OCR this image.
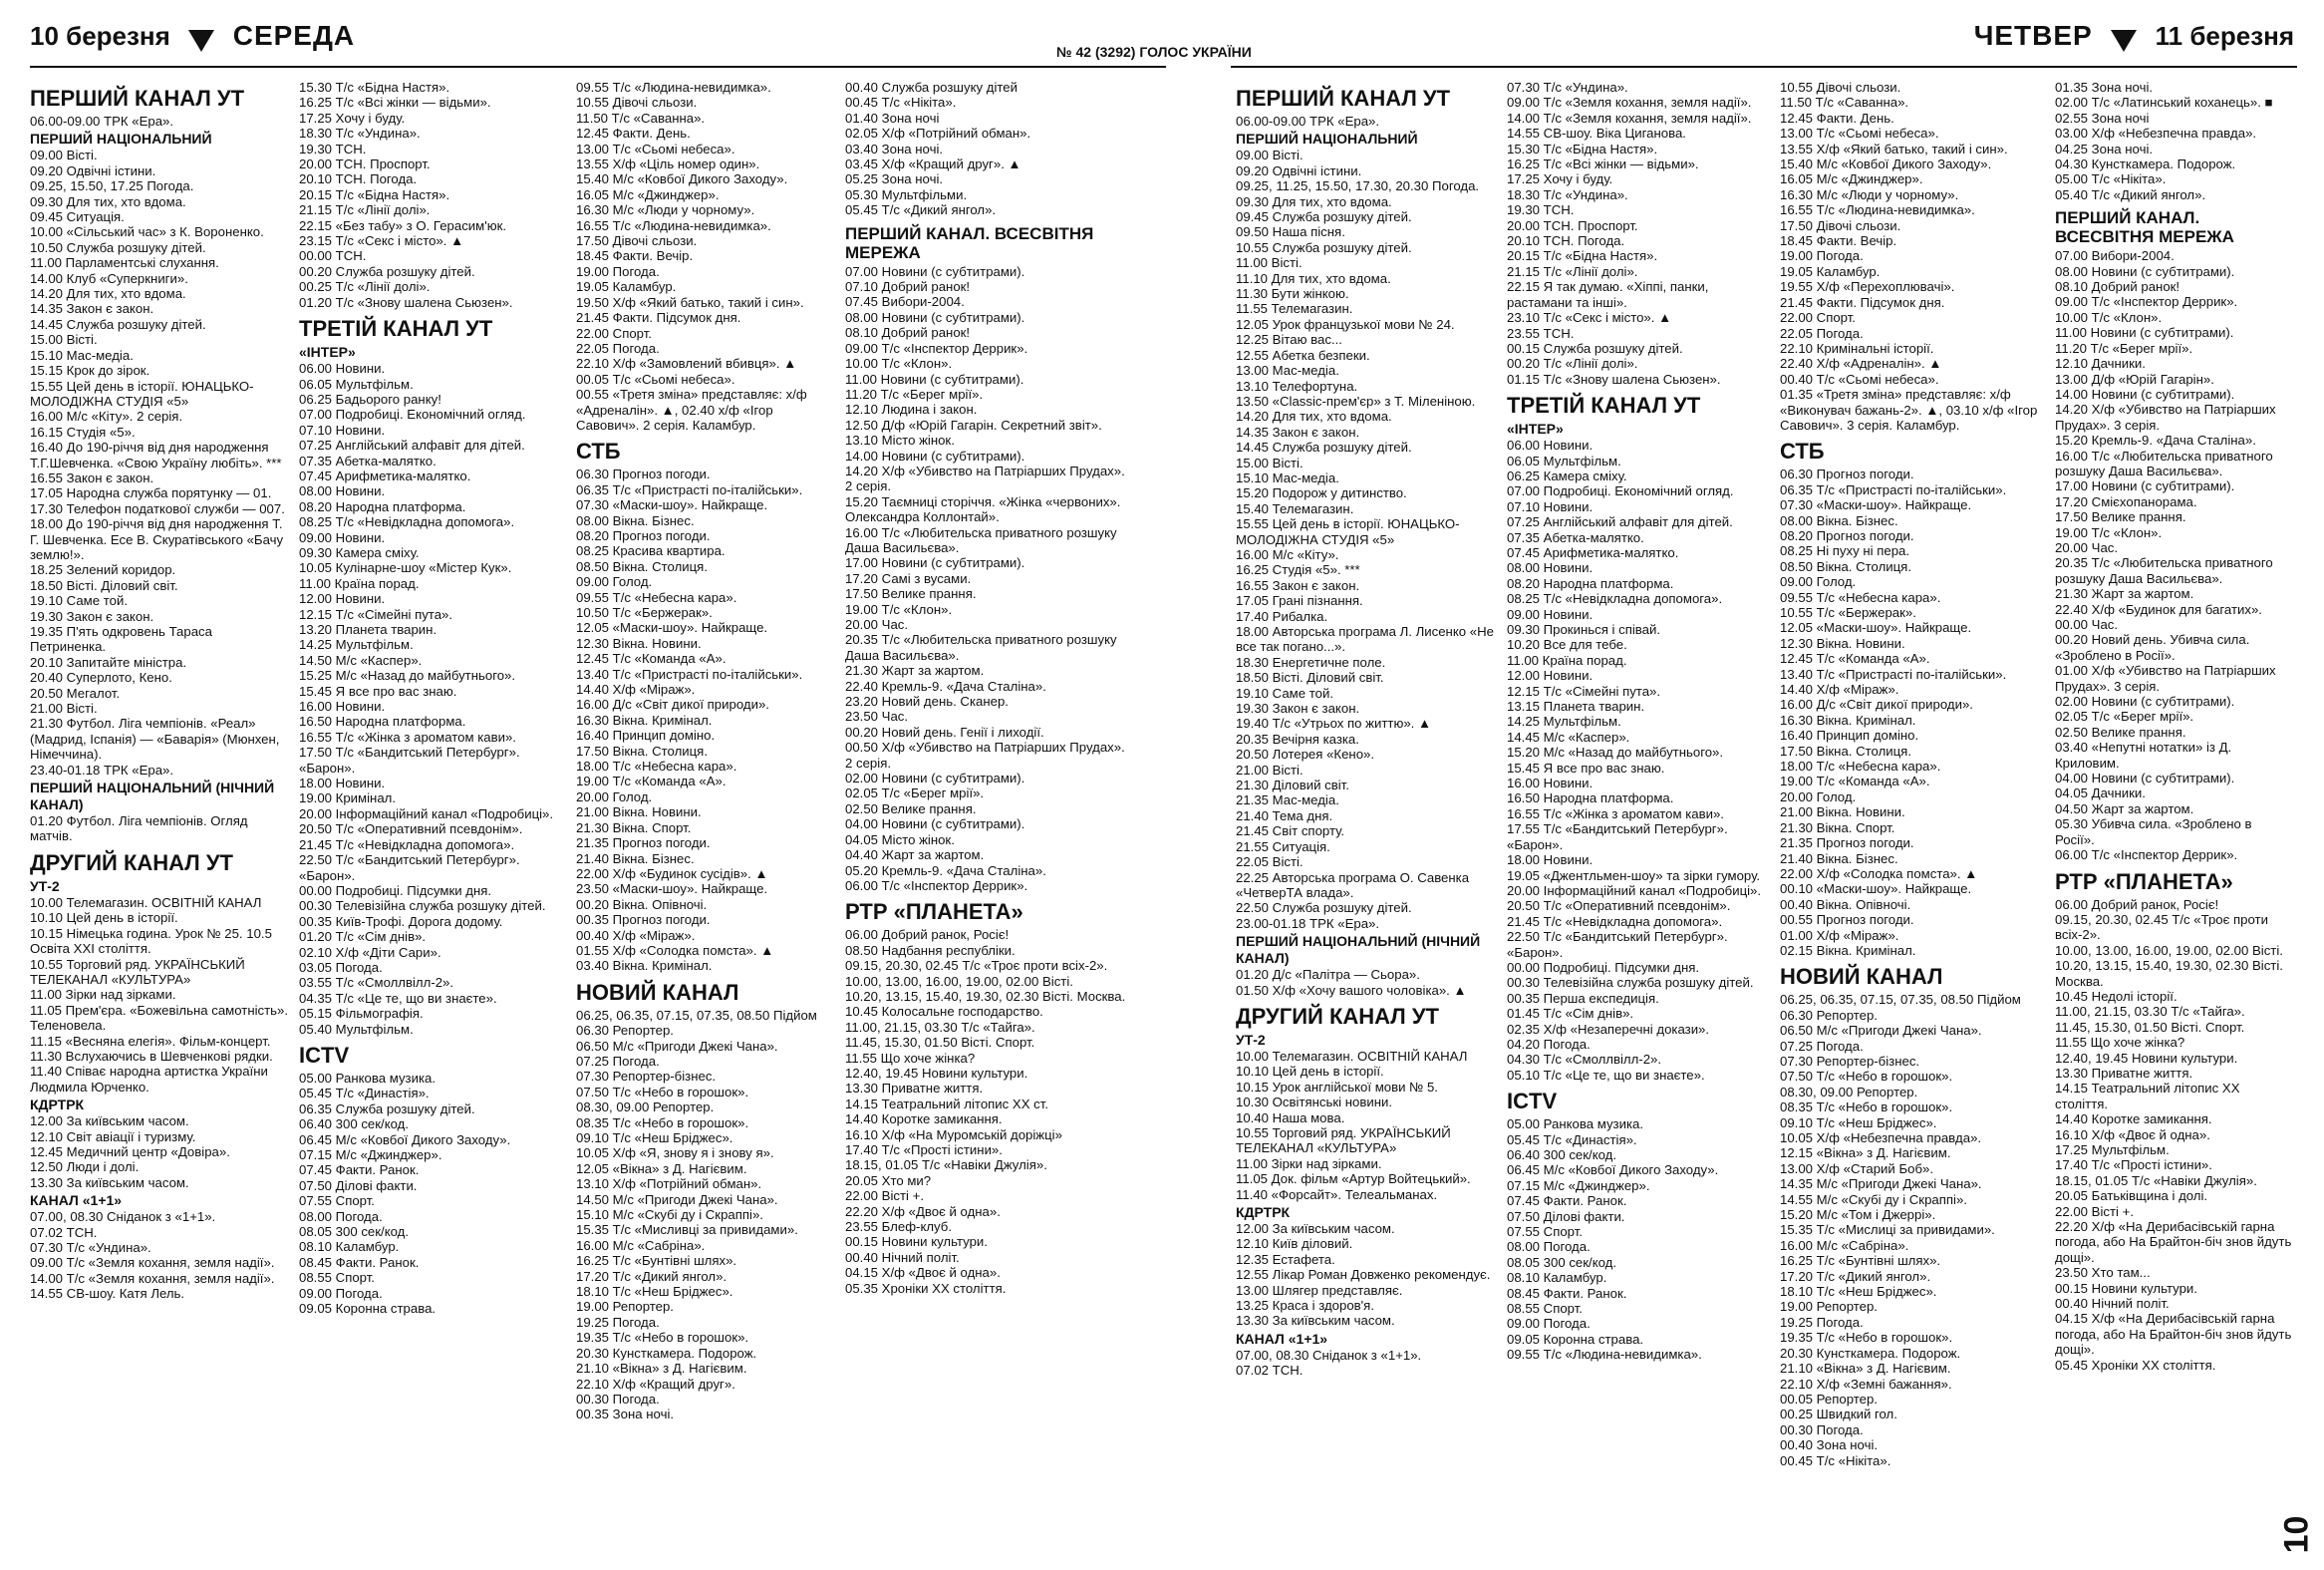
10 березня СЕРЕДА
№ 42 (3292) ГОЛОС УКРАЇНИ
ЧЕТВЕР 11 березня
ПЕРШИЙ КАНАЛ УТ
06.00-09.00 ТРК «Ера».
ПЕРШИЙ НАЦІОНАЛЬНИЙ
09.00 Вісті.
09.20 Одвічні істини.
09.25, 15.50, 17.25 Погода.
09.30 Для тих, хто вдома.
09.45 Ситуація.
10.00 «Сільський час» з К. Вороненко.
10.50 Служба розшуку дітей.
11.00 Парламентські слухання.
14.00 Клуб «Суперкниги».
14.20 Для тих, хто вдома.
14.35 Закон є закон.
14.45 Служба розшуку дітей.
15.00 Вісті.
15.10 Мас-медіа.
15.15 Крок до зірок.
15.55 Цей день в історії. ЮНАЦЬКО-МОЛОДІЖНА СТУДІЯ «5»
16.00 М/с «Кіту». 2 серія.
16.15 Студія «5».
16.40 До 190-річчя від дня народження Т.Г.Шевченка. «Свою Україну любіть». ***
16.55 Закон є закон.
17.05 Народна служба порятунку — 01.
17.30 Телефон податкової служби — 007.
18.00 До 190-річчя від дня народження Т. Г. Шевченка. Есе В. Скуратівського «Бачу землю!».
18.25 Зелений коридор.
18.50 Вісті. Діловий світ.
19.10 Саме той.
19.30 Закон є закон.
19.35 П'ять одкровень Тараса Петриненка.
20.10 Запитайте міністра.
20.40 Суперлото, Кено.
20.50 Мегалот.
21.00 Вісті.
21.30 Футбол. Ліга чемпіонів. «Реал» (Мадрид, Іспанія) — «Баварія» (Мюнхен, Німеччина).
23.40-01.18 ТРК «Ера».
ПЕРШИЙ НАЦІОНАЛЬНИЙ (НІЧНИЙ КАНАЛ)
01.20 Футбол. Ліга чемпіонів. Огляд матчів.
ДРУГИЙ КАНАЛ УТ
УТ-2
10.00 Телемагазин. ОСВІТНІЙ КАНАЛ
10.10 Цей день в історії.
10.15 Німецька година. Урок № 25. 10.5 Освіта XXI століття.
10.55 Торговий ряд. УКРАЇНСЬКИЙ ТЕЛЕКАНАЛ «КУЛЬТУРА»
11.00 Зірки над зірками.
11.05 Прем'єра. «Божевільна самотність». Теленовела.
11.15 «Весняна елегія». Фільм-концерт.
11.30 Вслухаючись в Шевченкові рядки.
11.40 Співає народна артистка України Людмила Юрченко.
КДРТРК
12.00 За київським часом.
12.10 Світ авіації і туризму.
12.45 Медичний центр «Довіра».
12.50 Люди і долі.
13.30 За київським часом.
КАНАЛ «1+1»
07.00, 08.30 Сніданок з «1+1».
07.02 ТСН.
07.30 Т/с «Ундина».
09.00 Т/с «Земля кохання, земля надії».
14.00 Т/с «Земля кохання, земля надії».
14.55 СВ-шоу. Катя Лель.
15.30 Т/с «Бідна Настя».
16.25 Т/с «Всі жінки — відьми».
17.25 Хочу і буду.
18.30 Т/с «Ундина».
19.30 ТСН.
20.00 ТСН. Проспорт.
20.10 ТСН. Погода.
20.15 Т/с «Бідна Настя».
21.15 Т/с «Лінії долі».
22.15 «Без табу» з О. Герасим'юк.
23.15 Т/с «Секс і місто». ▲
00.00 ТСН.
00.20 Служба розшуку дітей.
00.25 Т/с «Лінії долі».
01.20 Т/с «Знову шалена Сьюзен».
ТРЕТІЙ КАНАЛ УТ
«ІНТЕР»
06.00 Новини.
06.05 Мультфільм.
06.25 Бадьорого ранку!
07.00 Подробиці. Економічний огляд.
07.10 Новини.
07.25 Англійський алфавіт для дітей.
07.35 Абетка-малятко.
07.45 Арифметика-малятко.
08.00 Новини.
08.20 Народна платформа.
08.25 Т/с «Невідкладна допомога».
09.00 Новини.
09.30 Камера сміху.
10.05 Кулінарне-шоу «Містер Кук».
11.00 Країна порад.
12.00 Новини.
12.15 Т/с «Сімейні пута».
13.20 Планета тварин.
14.25 Мультфільм.
14.50 М/с «Каспер».
15.25 М/с «Назад до майбутнього».
15.45 Я все про вас знаю.
16.00 Новини.
16.50 Народна платформа.
16.55 Т/с «Жінка з ароматом кави».
17.50 Т/с «Бандитський Петербург». «Барон».
18.00 Новини.
19.00 Кримінал.
20.00 Інформаційний канал «Подробиці».
20.50 Т/с «Оперативний псевдонім».
21.45 Т/с «Невідкладна допомога».
22.50 Т/с «Бандитський Петербург». «Барон».
00.00 Подробиці. Підсумки дня.
00.30 Телевізійна служба розшуку дітей.
00.35 Київ-Трофі. Дорога додому.
01.20 Т/с «Сім днів».
02.10 Х/ф «Діти Сари».
03.05 Погода.
03.55 Т/с «Смоллвілл-2».
04.35 Т/с «Це те, що ви знаєте».
05.15 Фільмографія.
05.40 Мультфільм.
ICTV
05.00 Ранкова музика.
05.45 Т/с «Династія».
06.35 Служба розшуку дітей.
06.40 300 сек/код.
06.45 М/с «Ковбої Дикого Заходу».
07.15 М/с «Джинджер».
07.45 Факти. Ранок.
07.50 Ділові факти.
07.55 Спорт.
08.00 Погода.
08.05 300 сек/код.
08.10 Каламбур.
08.45 Факти. Ранок.
08.55 Спорт.
09.00 Погода.
09.05 Коронна страва.
09.55 Т/с «Людина-невидимка».
10.55 Дівочі сльози.
11.50 Т/с «Саванна».
12.45 Факти. День.
13.00 Т/с «Сьомі небеса».
13.55 Х/ф «Ціль номер один».
15.40 М/с «Ковбої Дикого Заходу».
16.05 М/с «Джинджер».
16.30 М/с «Люди у чорному».
16.55 Т/с «Людина-невидимка».
17.50 Дівочі сльози.
18.45 Факти. Вечір.
19.00 Погода.
19.05 Каламбур.
19.50 Х/ф «Який батько, такий і син».
21.45 Факти. Підсумок дня.
22.00 Спорт.
22.05 Погода.
22.10 Х/ф «Замовлений вбивця». ▲
00.05 Т/с «Сьомі небеса».
00.55 «Третя зміна» представляє: х/ф «Адреналін». ▲, 02.40 х/ф «Ігор Савович». 2 серія. Каламбур.
СТБ
06.30 Прогноз погоди.
06.35 Т/с «Пристрасті по-італійськи».
07.30 «Маски-шоу». Найкраще.
08.00 Вікна. Бізнес.
08.20 Прогноз погоди.
08.25 Красива квартира.
08.50 Вікна. Столиця.
09.00 Голод.
09.55 Т/с «Небесна кара».
10.50 Т/с «Бержерак».
12.05 «Маски-шоу». Найкраще.
12.30 Вікна. Новини.
12.45 Т/с «Команда «А».
13.40 Т/с «Пристрасті по-італійськи».
14.40 Х/ф «Міраж».
16.00 Д/с «Світ дикої природи».
16.30 Вікна. Кримінал.
16.40 Принцип доміно.
17.50 Вікна. Столиця.
18.00 Т/с «Небесна кара».
19.00 Т/с «Команда «А».
20.00 Голод.
21.00 Вікна. Новини.
21.30 Вікна. Спорт.
21.35 Прогноз погоди.
21.40 Вікна. Бізнес.
22.00 Х/ф «Будинок сусідів». ▲
23.50 «Маски-шоу». Найкраще.
00.20 Вікна. Опівночі.
00.35 Прогноз погоди.
00.40 Х/ф «Міраж».
01.55 Х/ф «Солодка помста». ▲
03.40 Вікна. Кримінал.
НОВИЙ КАНАЛ
06.25, 06.35, 07.15, 07.35, 08.50 Підйом
06.30 Репортер.
06.50 М/с «Пригоди Джекі Чана».
07.25 Погода.
07.30 Репортер-бізнес.
07.50 Т/с «Небо в горошок».
08.30, 09.00 Репортер.
08.35 Т/с «Небо в горошок».
09.10 Т/с «Неш Бріджес».
10.05 Х/ф «Я, знову я і знову я».
12.05 «Вікна» з Д. Нагієвим.
13.10 Х/ф «Потрійний обман».
14.50 М/с «Пригоди Джекі Чана».
15.10 М/с «Скубі ду і Скраппі».
15.35 Т/с «Мисливці за привидами».
16.00 М/с «Сабріна».
16.25 Т/с «Бунтівні шлях».
17.20 Т/с «Дикий янгол».
18.10 Т/с «Неш Бріджес».
19.00 Репортер.
19.25 Погода.
19.35 Т/с «Небо в горошок».
20.30 Кунсткамера. Подорож.
21.10 «Вікна» з Д. Нагієвим.
22.10 Х/ф «Кращий друг».
00.30 Погода.
00.35 Зона ночі.
00.40 Служба розшуку дітей
00.45 Т/с «Нікіта».
01.40 Зона ночі
02.05 Х/ф «Потрійний обман».
03.40 Зона ночі.
03.45 Х/ф «Кращий друг». ▲
05.25 Зона ночі.
05.30 Мультфільми.
05.45 Т/с «Дикий янгол».
ПЕРШИЙ КАНАЛ. ВСЕСВІТНЯ МЕРЕЖА
07.00 Новини (с субтитрами).
07.10 Добрий ранок!
07.45 Вибори-2004.
08.00 Новини (с субтитрами).
08.10 Добрий ранок!
09.00 Т/с «Інспектор Деррик».
10.00 Т/с «Клон».
11.00 Новини (с субтитрами).
11.20 Т/с «Берег мрії».
12.10 Людина і закон.
12.50 Д/ф «Юрій Гагарін. Секретний звіт».
13.10 Місто жінок.
14.00 Новини (с субтитрами).
14.20 Х/ф «Убивство на Патріарших Прудах». 2 серія.
15.20 Таємниці сторіччя. «Жінка «червоних». Олександра Коллонтай».
16.00 Т/с «Любительска приватного розшуку Даша Васильєва».
17.00 Новини (с субтитрами).
17.20 Самі з вусами.
17.50 Велике прання.
19.00 Т/с «Клон».
20.00 Час.
20.35 Т/с «Любительска приватного розшуку Даша Васильєва».
21.30 Жарт за жартом.
22.40 Кремль-9. «Дача Сталіна».
23.20 Новий день. Сканер.
23.50 Час.
00.20 Новий день. Генії і лиходії.
00.50 Х/ф «Убивство на Патріарших Прудах». 2 серія.
02.00 Новини (с субтитрами).
02.05 Т/с «Берег мрії».
02.50 Велике прання.
04.00 Новини (с субтитрами).
04.05 Місто жінок.
04.40 Жарт за жартом.
05.20 Кремль-9. «Дача Сталіна».
06.00 Т/с «Інспектор Деррик».
РТР «ПЛАНЕТА»
06.00 Добрий ранок, Росіє!
08.50 Надбання республіки.
09.15, 20.30, 02.45 Т/с «Троє проти всіх-2».
10.00, 13.00, 16.00, 19.00, 02.00 Вісті.
10.20, 13.15, 15.40, 19.30, 02.30 Вісті. Москва.
10.45 Колосальне господарство.
11.00, 21.15, 03.30 Т/с «Тайга».
11.45, 15.30, 01.50 Вісті. Спорт.
11.55 Що хоче жінка?
12.40, 19.45 Новини культури.
13.30 Приватне життя.
14.15 Театральний літопис XX ст.
14.40 Коротке замикання.
16.10 Х/ф «На Муромській доріжці»
17.40 Т/с «Прості істини».
18.15, 01.05 Т/с «Навіки Джулія».
20.05 Хто ми?
22.00 Вісті +.
22.20 Х/ф «Двоє й одна».
23.55 Блеф-клуб.
00.15 Новини культури.
00.40 Нічний політ.
04.15 Х/ф «Двоє й одна».
05.35 Хроніки XX століття.
ПЕРШИЙ КАНАЛ УТ
06.00-09.00 ТРК «Ера».
ПЕРШИЙ НАЦІОНАЛЬНИЙ
09.00 Вісті.
09.20 Одвічні істини.
09.25, 11.25, 15.50, 17.30, 20.30 Погода.
09.30 Для тих, хто вдома.
09.45 Служба розшуку дітей.
09.50 Наша пісня.
10.55 Служба розшуку дітей.
11.00 Вісті.
11.10 Для тих, хто вдома.
11.30 Бути жінкою.
11.55 Телемагазин.
12.05 Урок французької мови № 24.
12.25 Вітаю вас...
12.55 Абетка безпеки.
13.00 Мас-медіа.
13.10 Телефортуна.
13.50 «Classic-прем'єр» з Т. Міленіною.
14.20 Для тих, хто вдома.
14.35 Закон є закон.
14.45 Служба розшуку дітей.
15.00 Вісті.
15.10 Мас-медіа.
15.20 Подорож у дитинство.
15.40 Телемагазин.
15.55 Цей день в історії. ЮНАЦЬКО-МОЛОДІЖНА СТУДІЯ «5»
16.00 М/с «Кіту».
16.25 Студія «5». ***
16.55 Закон є закон.
17.05 Грані пізнання.
17.40 Рибалка.
18.00 Авторська програма Л. Лисенко «Не все так погано...».
18.30 Енергетичне поле.
18.50 Вісті. Діловий світ.
19.10 Саме той.
19.30 Закон є закон.
19.40 Т/с «Утрьох по життю». ▲
20.35 Вечірня казка.
20.50 Лотерея «Кено».
21.00 Вісті.
21.30 Діловий світ.
21.35 Мас-медіа.
21.40 Тема дня.
21.45 Світ спорту.
21.55 Ситуація.
22.05 Вісті.
22.25 Авторська програма О. Савенка «ЧетверТА влада».
22.50 Служба розшуку дітей.
23.00-01.18 ТРК «Ера».
ПЕРШИЙ НАЦІОНАЛЬНИЙ (НІЧНИЙ КАНАЛ)
01.20 Д/с «Палітра — Сьора».
01.50 Х/ф «Хочу вашого чоловіка». ▲
ДРУГИЙ КАНАЛ УТ
УТ-2
10.00 Телемагазин. ОСВІТНІЙ КАНАЛ
10.10 Цей день в історії.
10.15 Урок англійської мови № 5.
10.30 Освітянські новини.
10.40 Наша мова.
10.55 Торговий ряд. УКРАЇНСЬКИЙ ТЕЛЕКАНАЛ «КУЛЬТУРА»
11.00 Зірки над зірками.
11.05 Док. фільм «Артур Войтецький».
11.40 «Форсайт». Телеальманах.
КДРТРК
12.00 За київським часом.
12.10 Київ діловий.
12.35 Естафета.
12.55 Лікар Роман Довженко рекомендує.
13.00 Шлягер представляє.
13.25 Краса і здоров'я.
13.30 За київським часом.
КАНАЛ «1+1»
07.00, 08.30 Сніданок з «1+1».
07.02 ТСН.
07.30 Т/с «Ундина».
09.00 Т/с «Земля кохання, земля надії».
14.00 Т/с «Земля кохання, земля надії».
14.55 СВ-шоу. Віка Циганова.
15.30 Т/с «Бідна Настя».
16.25 Т/с «Всі жінки — відьми».
17.25 Хочу і буду.
18.30 Т/с «Ундина».
19.30 ТСН.
20.00 ТСН. Проспорт.
20.10 ТСН. Погода.
20.15 Т/с «Бідна Настя».
21.15 Т/с «Лінії долі».
22.15 Я так думаю. «Хіппі, панки, растамани та інші».
23.10 Т/с «Секс і місто». ▲
23.55 ТСН.
00.15 Служба розшуку дітей.
00.20 Т/с «Лінії долі».
01.15 Т/с «Знову шалена Сьюзен».
ТРЕТІЙ КАНАЛ УТ
«ІНТЕР»
06.00 Новини.
06.05 Мультфільм.
06.25 Камера сміху.
07.00 Подробиці. Економічний огляд.
07.10 Новини.
07.25 Англійський алфавіт для дітей.
07.35 Абетка-малятко.
07.45 Арифметика-малятко.
08.00 Новини.
08.20 Народна платформа.
08.25 Т/с «Невідкладна допомога».
09.00 Новини.
09.30 Прокинься і співай.
10.20 Все для тебе.
11.00 Країна порад.
12.00 Новини.
12.15 Т/с «Сімейні пута».
13.15 Планета тварин.
14.25 Мультфільм.
14.45 М/с «Каспер».
15.20 М/с «Назад до майбутнього».
15.45 Я все про вас знаю.
16.00 Новини.
16.50 Народна платформа.
16.55 Т/с «Жінка з ароматом кави».
17.55 Т/с «Бандитський Петербург». «Барон».
18.00 Новини.
19.05 «Джентльмен-шоу» та зірки гумору.
20.00 Інформаційний канал «Подробиці».
20.50 Т/с «Оперативний псевдонім».
21.45 Т/с «Невідкладна допомога».
22.50 Т/с «Бандитський Петербург». «Барон».
00.00 Подробиці. Підсумки дня.
00.30 Телевізійна служба розшуку дітей.
00.35 Перша експедиція.
01.45 Т/с «Сім днів».
02.35 Х/ф «Незаперечні докази».
04.20 Погода.
04.30 Т/с «Смоллвілл-2».
05.10 Т/с «Це те, що ви знаєте».
ICTV
05.00 Ранкова музика.
05.45 Т/с «Династія».
06.40 300 сек/код.
06.45 М/с «Ковбої Дикого Заходу».
07.15 М/с «Джинджер».
07.45 Факти. Ранок.
07.50 Ділові факти.
07.55 Спорт.
08.00 Погода.
08.05 300 сек/код.
08.10 Каламбур.
08.45 Факти. Ранок.
08.55 Спорт.
09.00 Погода.
09.05 Коронна страва.
09.55 Т/с «Людина-невидимка».
10.55 Дівочі сльози.
11.50 Т/с «Саванна».
12.45 Факти. День.
13.00 Т/с «Сьомі небеса».
13.55 Х/ф «Який батько, такий і син».
15.40 М/с «Ковбої Дикого Заходу».
16.05 М/с «Джинджер».
16.30 М/с «Люди у чорному».
16.55 Т/с «Людина-невидимка».
17.50 Дівочі сльози.
18.45 Факти. Вечір.
19.00 Погода.
19.05 Каламбур.
19.55 Х/ф «Перехоплювачі».
21.45 Факти. Підсумок дня.
22.00 Спорт.
22.05 Погода.
22.10 Кримінальні історії.
22.40 Х/ф «Адреналін». ▲
00.40 Т/с «Сьомі небеса».
01.35 «Третя зміна» представляє: х/ф «Виконувач бажань-2». ▲, 03.10 х/ф «Ігор Савович». 3 серія. Каламбур.
СТБ
06.30 Прогноз погоди.
06.35 Т/с «Пристрасті по-італійськи».
07.30 «Маски-шоу». Найкраще.
08.00 Вікна. Бізнес.
08.20 Прогноз погоди.
08.25 Ні пуху ні пера.
08.50 Вікна. Столиця.
09.00 Голод.
09.55 Т/с «Небесна кара».
10.55 Т/с «Бержерак».
12.05 «Маски-шоу». Найкраще.
12.30 Вікна. Новини.
12.45 Т/с «Команда «А».
13.40 Т/с «Пристрасті по-італійськи».
14.40 Х/ф «Міраж».
16.00 Д/с «Світ дикої природи».
16.30 Вікна. Кримінал.
16.40 Принцип доміно.
17.50 Вікна. Столиця.
18.00 Т/с «Небесна кара».
19.00 Т/с «Команда «А».
20.00 Голод.
21.00 Вікна. Новини.
21.30 Вікна. Спорт.
21.35 Прогноз погоди.
21.40 Вікна. Бізнес.
22.00 Х/ф «Солодка помста». ▲
00.10 «Маски-шоу». Найкраще.
00.40 Вікна. Опівночі.
00.55 Прогноз погоди.
01.00 Х/ф «Міраж».
02.15 Вікна. Кримінал.
НОВИЙ КАНАЛ
06.25, 06.35, 07.15, 07.35, 08.50 Підйом
06.30 Репортер.
06.50 М/с «Пригоди Джекі Чана».
07.25 Погода.
07.30 Репортер-бізнес.
07.50 Т/с «Небо в горошок».
08.30, 09.00 Репортер.
08.35 Т/с «Небо в горошок».
09.10 Т/с «Неш Бріджес».
10.05 Х/ф «Небезпечна правда».
12.15 «Вікна» з Д. Нагієвим.
13.00 Х/ф «Старий Боб».
14.35 М/с «Пригоди Джекі Чана».
14.55 М/с «Скубі ду і Скраппі».
15.20 М/с «Том і Джеррі».
15.35 Т/с «Мислиці за привидами».
16.00 М/с «Сабріна».
16.25 Т/с «Бунтівні шлях».
17.20 Т/с «Дикий янгол».
18.10 Т/с «Неш Бріджес».
19.00 Репортер.
19.25 Погода.
19.35 Т/с «Небо в горошок».
20.30 Кунсткамера. Подорож.
21.10 «Вікна» з Д. Нагієвим.
22.10 Х/ф «Земні бажання».
00.05 Репортер.
00.25 Швидкий гол.
00.30 Погода.
00.40 Зона ночі.
00.45 Т/с «Нікіта».
01.35 Зона ночі.
02.00 Т/с «Латинський коханець». ■
02.55 Зона ночі
03.00 Х/ф «Небезпечна правда».
04.25 Зона ночі.
04.30 Кунсткамера. Подорож.
05.00 Т/с «Нікіта».
05.40 Т/с «Дикий янгол».
ПЕРШИЙ КАНАЛ. ВСЕСВІТНЯ МЕРЕЖА
07.00 Вибори-2004.
08.00 Новини (с субтитрами).
08.10 Добрий ранок!
09.00 Т/с «Інспектор Деррик».
10.00 Т/с «Клон».
11.00 Новини (с субтитрами).
11.20 Т/с «Берег мрії».
12.10 Дачники.
13.00 Д/ф «Юрій Гагарін».
14.00 Новини (с субтитрами).
14.20 Х/ф «Убивство на Патріарших Прудах». 3 серія.
15.20 Кремль-9. «Дача Сталіна».
16.00 Т/с «Любительска приватного розшуку Даша Васильєва».
17.00 Новини (с субтитрами).
17.20 Смієхопанорама.
17.50 Велике прання.
19.00 Т/с «Клон».
20.00 Час.
20.35 Т/с «Любительска приватного розшуку Даша Васильєва».
21.30 Жарт за жартом.
22.40 Х/ф «Будинок для багатих».
00.00 Час.
00.20 Новий день. Убивча сила. «Зроблено в Росії».
01.00 Х/ф «Убивство на Патріарших Прудах». 3 серія.
02.00 Новини (с субтитрами).
02.05 Т/с «Берег мрії».
02.50 Велике прання.
03.40 «Непутні нотатки» із Д. Криловим.
04.00 Новини (с субтитрами).
04.05 Дачники.
04.50 Жарт за жартом.
05.30 Убивча сила. «Зроблено в Росії».
06.00 Т/с «Інспектор Деррик».
РТР «ПЛАНЕТА»
06.00 Добрий ранок, Росіє!
09.15, 20.30, 02.45 Т/с «Троє проти всіх-2».
10.00, 13.00, 16.00, 19.00, 02.00 Вісті.
10.20, 13.15, 15.40, 19.30, 02.30 Вісті. Москва.
10.45 Недолі історії.
11.00, 21.15, 03.30 Т/с «Тайга».
11.45, 15.30, 01.50 Вісті. Спорт.
11.55 Що хоче жінка?
12.40, 19.45 Новини культури.
13.30 Приватне життя.
14.15 Театральний літопис XX століття.
14.40 Коротке замикання.
16.10 Х/ф «Двоє й одна».
17.25 Мультфільм.
17.40 Т/с «Прості істини».
18.15, 01.05 Т/с «Навіки Джулія».
20.05 Батьківщина і долі.
22.00 Вісті +.
22.20 Х/ф «На Дерибасівській гарна погода, або На Брайтон-біч знов йдуть дощі».
23.50 Хто там...
00.15 Новини культури.
00.40 Нічний політ.
04.15 Х/ф «На Дерибасівській гарна погода, або На Брайтон-біч знов йдуть дощі».
05.45 Хроніки XX століття.
10
